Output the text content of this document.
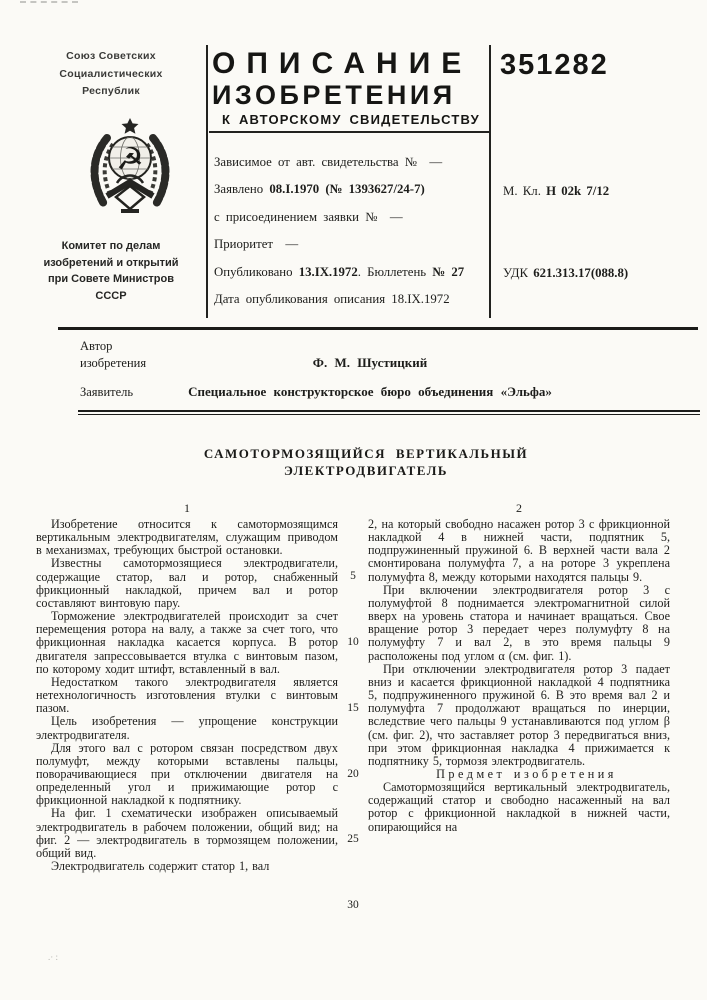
Союз Советских
Социалистических
Республик
☭
Комитет по делам
изобретений и открытий
при Совете Министров
СССР
ОПИСАНИЕ
ИЗОБРЕТЕНИЯ
К АВТОРСКОМУ СВИДЕТЕЛЬСТВУ
351282
Зависимое от авт. свидетельства №  —
Заявлено 08.I.1970 (№ 1393627/24-7)
с присоединением заявки №  —
Приоритет  —
Опубликовано 13.IX.1972. Бюллетень № 27
Дата опубликования описания 18.IX.1972
М. Кл. Н 02k 7/12
УДК 621.313.17(088.8)
Автор
изобретения	Ф. М. Шустицкий
Заявитель	Специальное конструкторское бюро объединения «Эльфа»
САМОТОРМОЗЯЩИЙСЯ ВЕРТИКАЛЬНЫЙ
ЭЛЕКТРОДВИГАТЕЛЬ
1	2

Изобретение относится к самотормозящимся вертикальным электродвигателям, служащим приводом в механизмах, требующих быстрой остановки.

Известны самотормозящиеся электродвигатели, содержащие статор, вал и ротор, снабженный фрикционный накладкой, причем вал и ротор составляют винтовую пару.

Торможение электродвигателей происходит за счет перемещения ротора на валу, а также за счет того, что фрикционная накладка касается корпуса. В ротор двигателя запрессовывается втулка с винтовым пазом, по которому ходит штифт, вставленный в вал.

Недостатком такого электродвигателя является нетехнологичность изготовления втулки с винтовым пазом.

Цель изобретения — упрощение конструкции электродвигателя.

Для этого вал с ротором связан посредством двух полумуфт, между которыми вставлены пальцы, поворачивающиеся при отключении двигателя на определенный угол и прижимающие ротор с фрикционной накладкой к подпятнику.

На фиг. 1 схематически изображен описываемый электродвигатель в рабочем положении, общий вид; на фиг. 2 — электродвигатель в тормозящем положении, общий вид.

Электродвигатель содержит статор 1, вал

2, на который свободно насажен ротор 3 с фрикционной накладкой 4 в нижней части, подпятник 5, подпружиненный пружиной 6. В верхней части вала 2 смонтирована полумуфта 7, а на роторе 3 укреплена полумуфта 8, между которыми находятся пальцы 9.

При включении электродвигателя ротор 3 с полумуфтой 8 поднимается электромагнитной силой вверх на уровень статора и начинает вращаться. Свое вращение ротор 3 передает через полумуфту 8 на полумуфту 7 и вал 2, в это время пальцы 9 расположены под углом α (см. фиг. 1).

При отключении электродвигателя ротор 3 падает вниз и касается фрикционной накладкой 4 подпятника 5, подпружиненного пружиной 6. В это время вал 2 и полумуфта 7 продолжают вращаться по инерции, вследствие чего пальцы 9 устанавливаются под углом β (см. фиг. 2), что заставляет ротор 3 передвигаться вниз, при этом фрикционная накладка 4 прижимается к подпятнику 5, тормозя электродвигатель.

Предмет изобретения

Самотормозящийся вертикальный электродвигатель, содержащий статор и свободно насаженный на вал ротор с фрикционной накладкой в нижней части, опирающийся на

5
10
15
20
25
30
.· :
